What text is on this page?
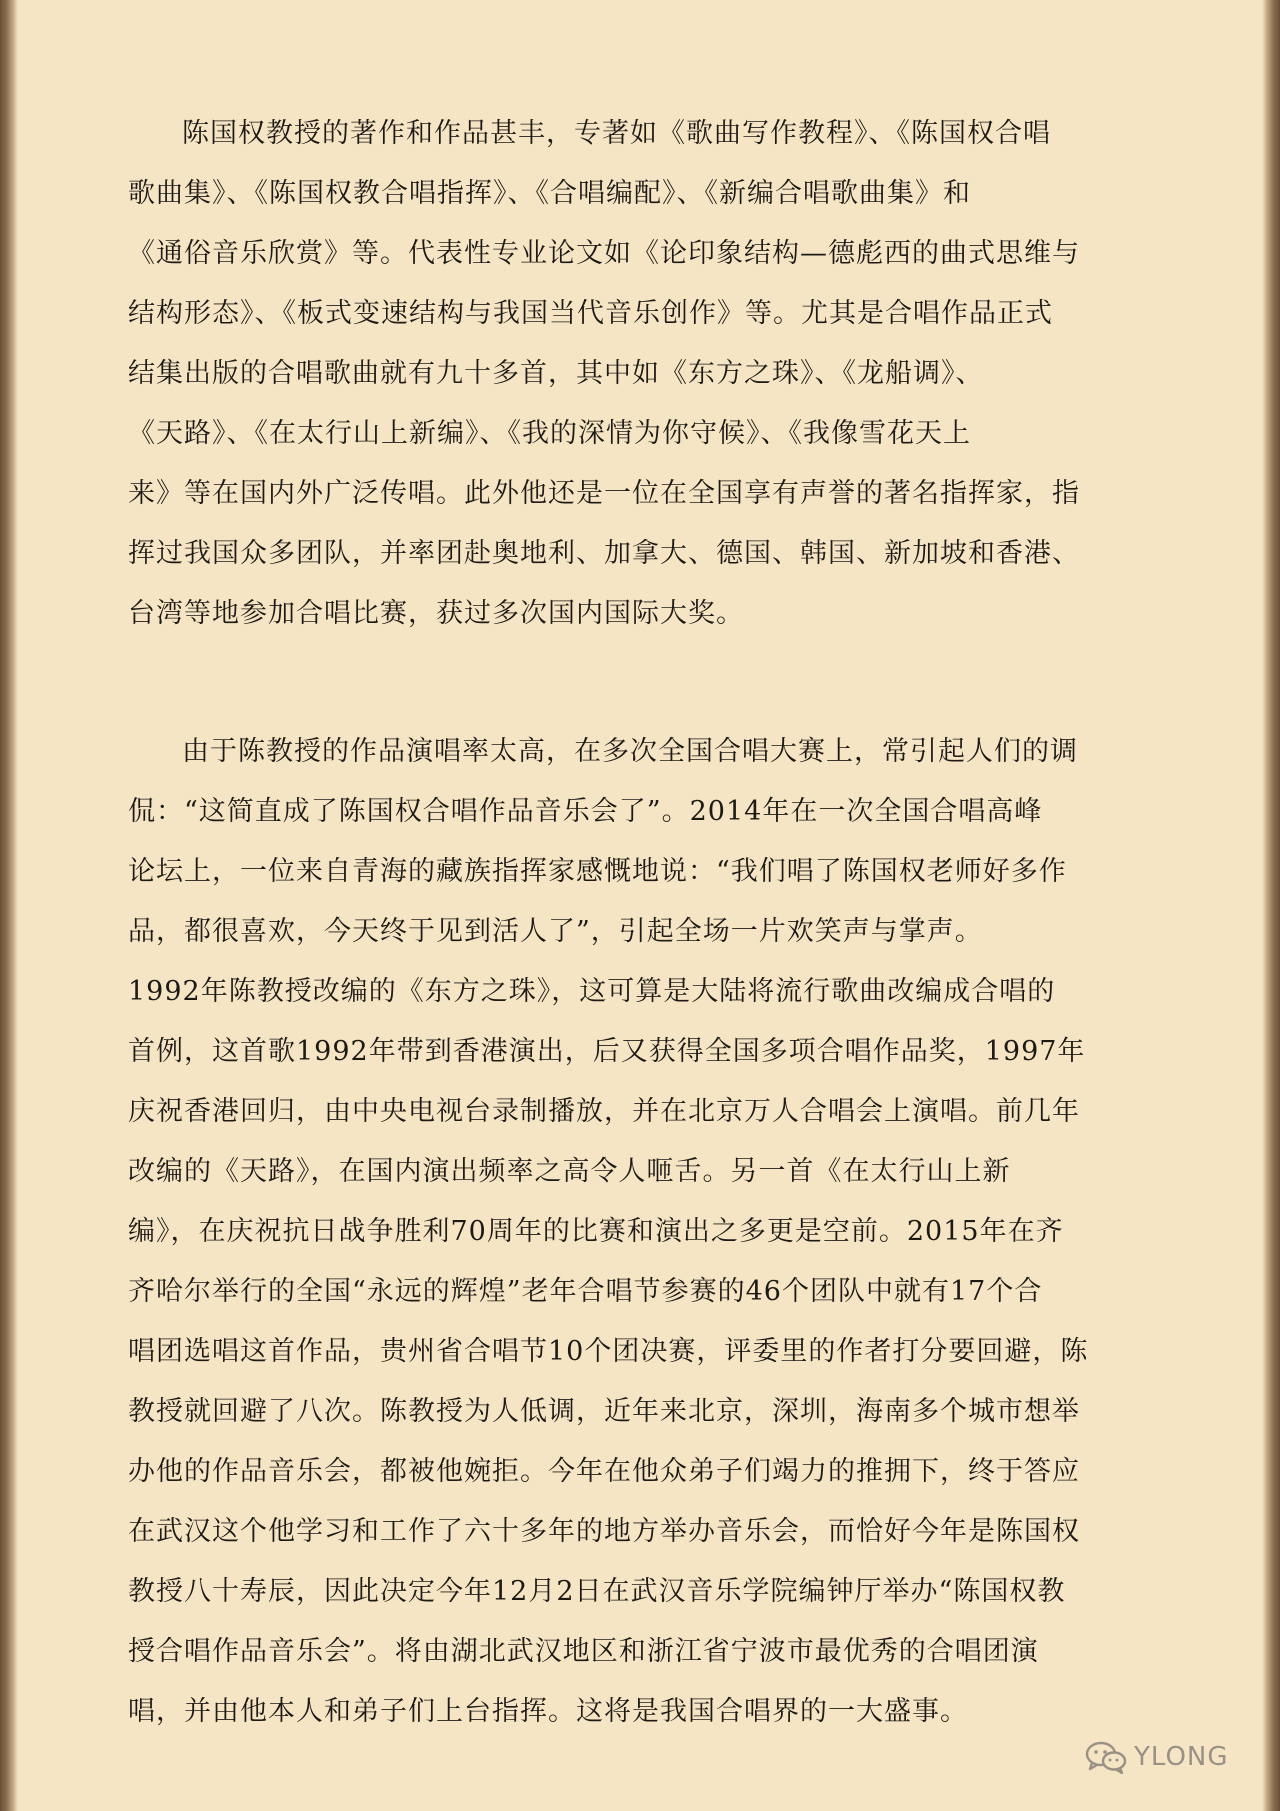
陈国权教授的著作和作品甚丰，专著如《歌曲写作教程》、《陈国权合唱
歌曲集》、《陈国权教合唱指挥》、《合唱编配》、《新编合唱歌曲集》和
《通俗音乐欣赏》等。代表性专业论文如《论印象结构—德彪西的曲式思维与
结构形态》、《板式变速结构与我国当代音乐创作》等。尤其是合唱作品正式
结集出版的合唱歌曲就有九十多首，其中如《东方之珠》、《龙船调》、
《天路》、《在太行山上新编》、《我的深情为你守候》、《我像雪花天上
来》等在国内外广泛传唱。此外他还是一位在全国享有声誉的著名指挥家，指
挥过我国众多团队，并率团赴奥地利、加拿大、德国、韩国、新加坡和香港、
台湾等地参加合唱比赛，获过多次国内国际大奖。
由于陈教授的作品演唱率太高，在多次全国合唱大赛上，常引起人们的调
侃：“这简直成了陈国权合唱作品音乐会了”。2014年在一次全国合唱高峰
论坛上，一位来自青海的藏族指挥家感慨地说：“我们唱了陈国权老师好多作
品，都很喜欢，今天终于见到活人了”，引起全场一片欢笑声与掌声。
1992年陈教授改编的《东方之珠》，这可算是大陆将流行歌曲改编成合唱的
首例，这首歌1992年带到香港演出，后又获得全国多项合唱作品奖，1997年
庆祝香港回归，由中央电视台录制播放，并在北京万人合唱会上演唱。前几年
改编的《天路》，在国内演出频率之高令人咂舌。另一首《在太行山上新
编》，在庆祝抗日战争胜利70周年的比赛和演出之多更是空前。2015年在齐
齐哈尔举行的全国“永远的辉煌”老年合唱节参赛的46个团队中就有17个合
唱团选唱这首作品，贵州省合唱节10个团决赛，评委里的作者打分要回避，陈
教授就回避了八次。陈教授为人低调，近年来北京，深圳，海南多个城市想举
办他的作品音乐会，都被他婉拒。今年在他众弟子们竭力的推拥下，终于答应
在武汉这个他学习和工作了六十多年的地方举办音乐会，而恰好今年是陈国权
教授八十寿辰，因此决定今年12月2日在武汉音乐学院编钟厅举办“陈国权教
授合唱作品音乐会”。将由湖北武汉地区和浙江省宁波市最优秀的合唱团演
唱，并由他本人和弟子们上台指挥。这将是我国合唱界的一大盛事。
YLONG
